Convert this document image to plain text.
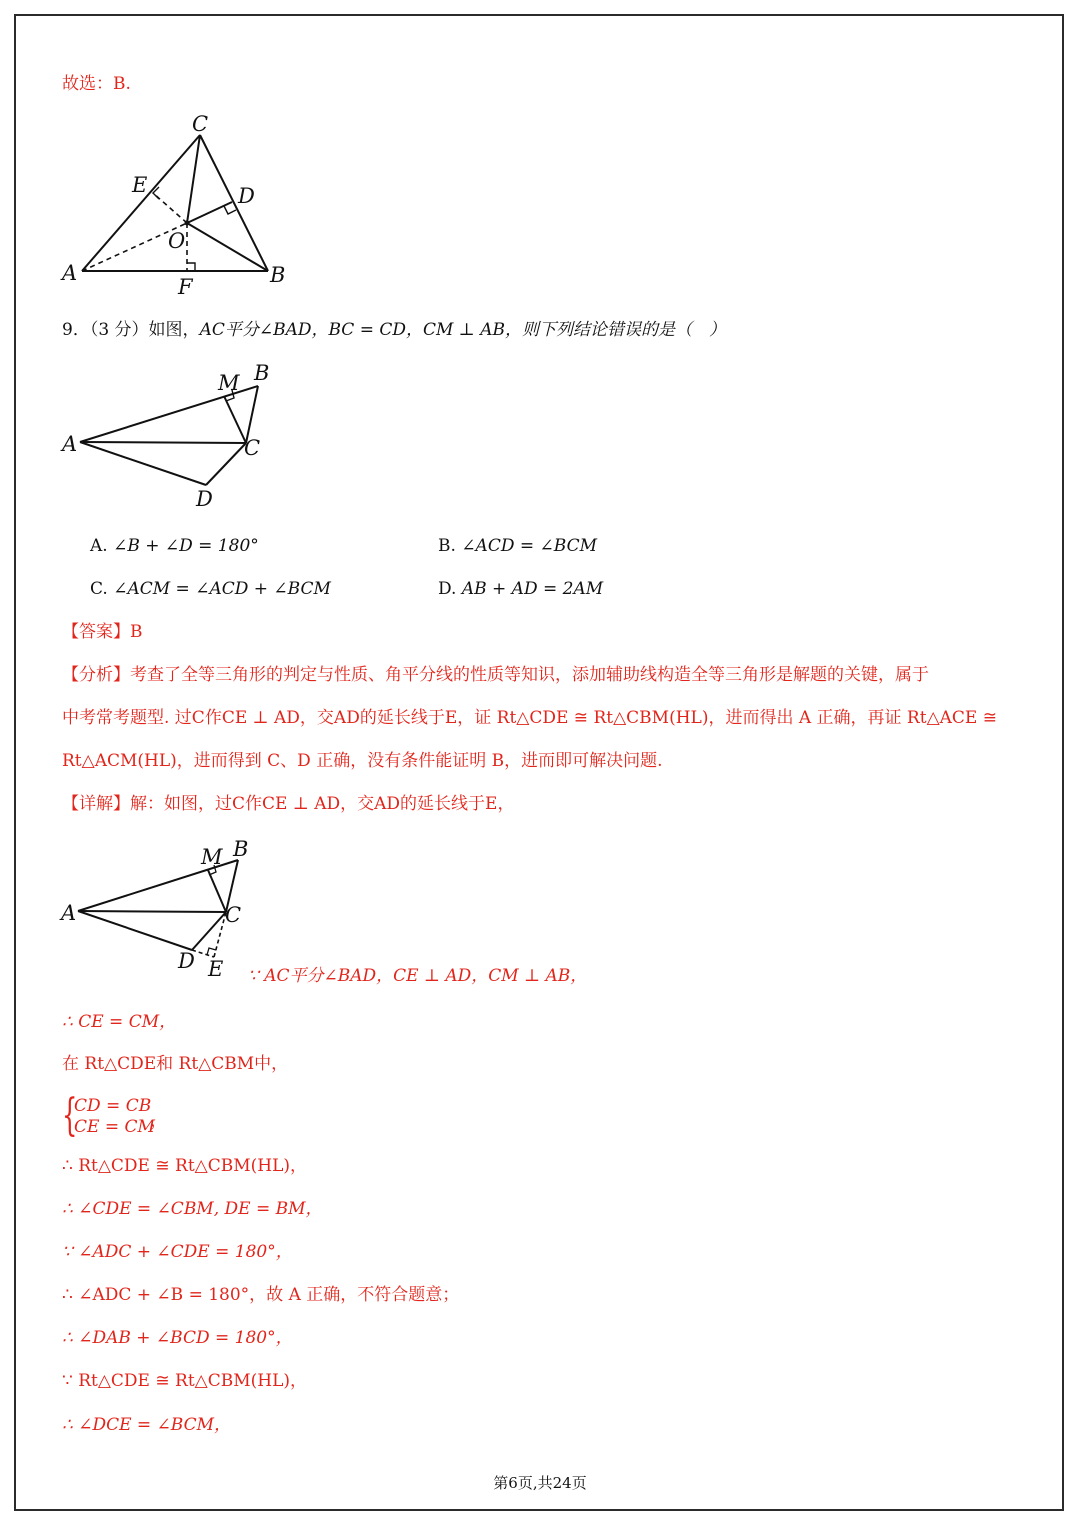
故选：B.
C
E	D
O
A	B
F
9．（3 分）如图，AC平分∠BAD，BC = CD，CM ⊥ AB，则下列结论错误的是（　）
M B
A	C
D
A. ∠B + ∠D = 180°	B. ∠ACD = ∠BCM
C. ∠ACM = ∠ACD + ∠BCM	D. AB + AD = 2AM
【答案】B
【分析】考查了全等三角形的判定与性质、角平分线的性质等知识，添加辅助线构造全等三角形是解题的关键，属于
中考常考题型. 过C作CE ⊥ AD，交AD的延长线于E，证 Rt△CDE ≅ Rt△CBM(HL)，进而得出 A 正确，再证 Rt△ACE ≅
Rt△ACM(HL)，进而得到 C、D 正确，没有条件能证明 B，进而即可解决问题.
【详解】解：如图，过C作CE ⊥ AD，交AD的延长线于E，
M B
A	C
D E ∵ AC平分∠BAD，CE ⊥ AD，CM ⊥ AB，
∴ CE = CM，
在 Rt△CDE和 Rt△CBM中，
{
CD = CB
CE = CM
，
∴ Rt△CDE ≅ Rt△CBM(HL)，
∴ ∠CDE = ∠CBM, DE = BM，
∵ ∠ADC + ∠CDE = 180°，
∴ ∠ADC + ∠B = 180°，故 A 正确，不符合题意；
∴ ∠DAB + ∠BCD = 180°，
∵ Rt△CDE ≅ Rt△CBM(HL)，
∴ ∠DCE = ∠BCM，
第6页,共24页
